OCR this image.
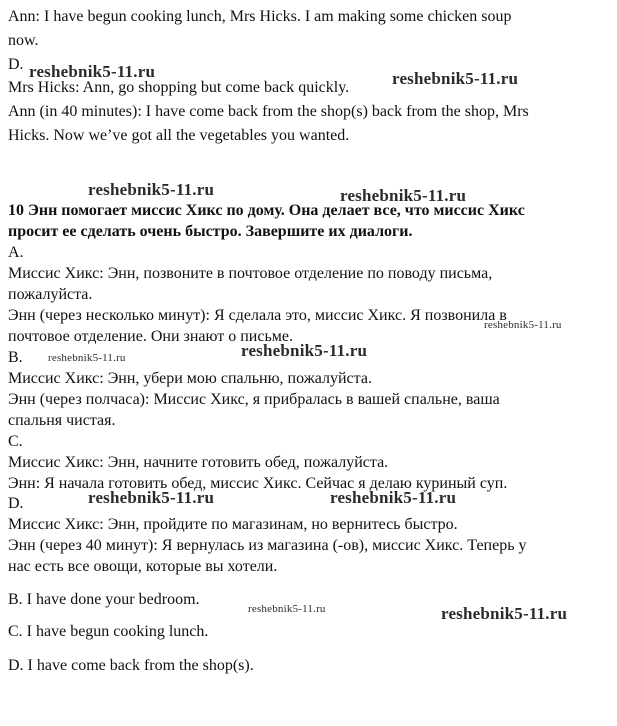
Ann: I have begun cooking lunch, Mrs Hicks. I am making some chicken soup
now.
D.
Mrs Hicks: Ann, go shopping but come back quickly.
Ann (in 40 minutes): I have come back from the shop(s) back from the shop, Mrs
Hicks. Now we’ve got all the vegetables you wanted.
10 Энн помогает миссис Хикс по дому. Она делает все, что миссис Хикс
просит ее сделать очень быстро. Завершите их диалоги.
A.
Миссис Хикс: Энн, позвоните в почтовое отделение по поводу письма,
пожалуйста.
Энн (через несколько минут): Я сделала это, миссис Хикс. Я позвонила в
почтовое отделение. Они знают о письме.
B.
Миссис Хикс: Энн, убери мою спальню, пожалуйста.
Энн (через полчаса): Миссис Хикс, я прибралась в вашей спальне, ваша
спальня чистая.
C.
Миссис Хикс: Энн, начните готовить обед, пожалуйста.
Энн: Я начала готовить обед, миссис Хикс. Сейчас я делаю куриный суп.
D.
Миссис Хикс: Энн, пройдите по магазинам, но вернитесь быстро.
Энн (через 40 минут): Я вернулась из магазина (-ов), миссис Хикс. Теперь у
нас есть все овощи, которые вы хотели.
B. I have done your bedroom.
C. I have begun cooking lunch.
D. I have come back from the shop(s).
reshebnik5-11.ru	reshebnik5-11.ru
reshebnik5-11.ru	reshebnik5-11.ru
reshebnik5-11.ru
reshebnik5-11.ru	reshebnik5-11.ru
reshebnik5-11.ru	reshebnik5-11.ru
reshebnik5-11.ru	reshebnik5-11.ru
